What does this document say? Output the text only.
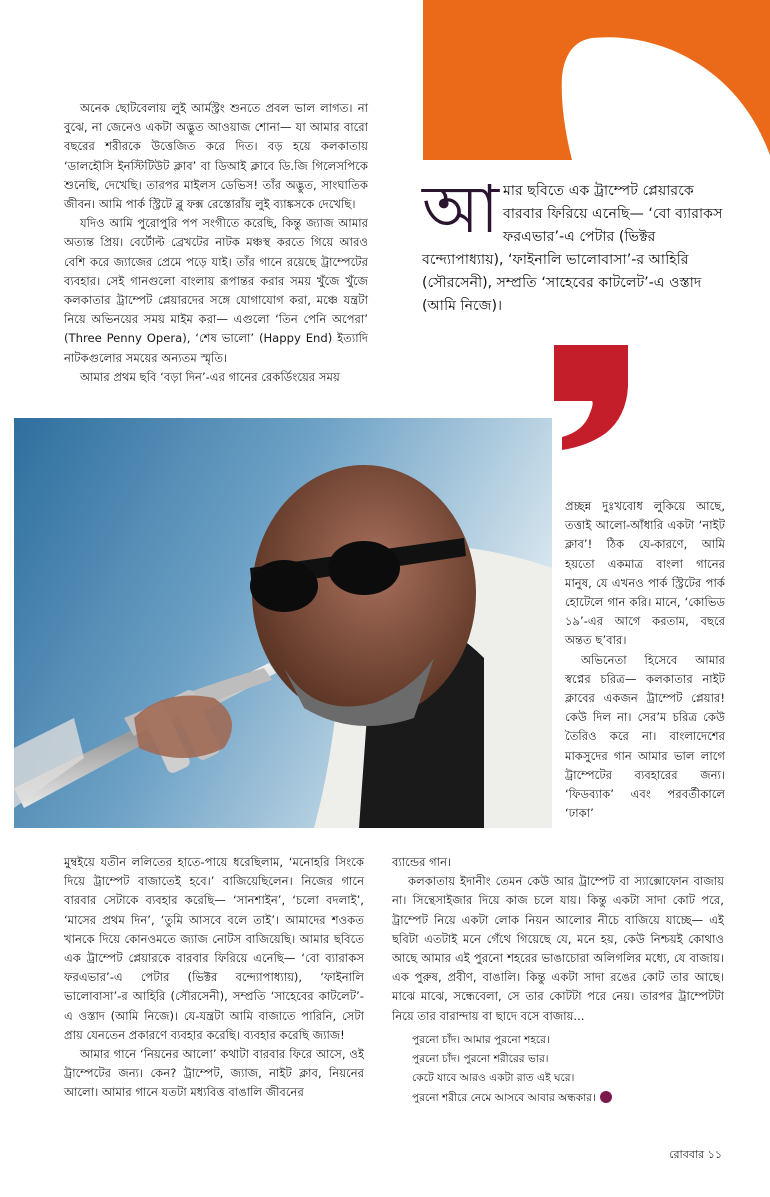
আ মার ছবিতে এক ট্রাম্পেট প্লেয়ারকে বারবার ফিরিয়ে এনেছি— ‘বো ব্যারাকস ফরএভার’-এ পেটার (ভিক্টর বন্দ্যোপাধ্যায়), ‘ফাইনালি ভালোবাসা’-র আহিরি (সৌরসেনী), সম্প্রতি ‘সাহেবের কাটলেট’-এ ওস্তাদ (আমি নিজে)।

অনেক ছোটবেলায় লুই আর্মস্ট্রং শুনতে প্রবল ভাল লাগত। না বুঝে, না জেনেও একটা অদ্ভুত আওয়াজ শোনা— যা আমার বারো বছরের শরীরকে উত্তেজিত করে দিত। বড় হয়ে কলকাতায় ‘ডালহৌসি ইনস্টিটিউট ক্লাব’ বা ডিআই ক্লাবে ডি.জি গিলেসপিকে শুনেছি, দেখেছি। তারপর মাইলস ডেভিস! তাঁর অদ্ভুত, সাংঘাতিক জীবন। আমি পার্ক স্ট্রিটে ব্লু ফক্স রেস্তোরাঁয় লুই ব্যাঙ্কসকে দেখেছি।

যদিও আমি পুরোপুরি পপ সংগীতে করেছি, কিন্তু জ্যাজ আমার অত্যন্ত প্রিয়। বের্টোল্ট ব্রেখটের নাটক মঞ্চস্থ করতে গিয়ে আরও বেশি করে জ্যাজের প্রেমে পড়ে যাই। তাঁর গানে রয়েছে ট্রাম্পেটের ব্যবহার। সেই গানগুলো বাংলায় রূপান্তর করার সময় খুঁজে খুঁজে কলকাতার ট্রাম্পেট প্লেয়ারদের সঙ্গে যোগাযোগ করা, মঞ্চে যন্ত্রটা নিয়ে অভিনয়ের সময় মাইম করা— এগুলো ‘তিন পেনি অপেরা’ (Three Penny Opera), ‘শেষ ভালো’ (Happy End) ইত্যাদি নাটকগুলোর সময়ের অন্যতম স্মৃতি।

আমার প্রথম ছবি ‘বড়া দিন’-এর গানের রেকর্ডিংয়ের সময়

প্রচ্ছন্ন দুঃখবোধ লুকিয়ে আছে, তত্তাই আলো-আঁধারি একটা ‘নাইট ক্লাব’! ঠিক যে-কারণে, আমি হয়তো একমাত্র বাংলা গানের মানুষ, যে এখনও পার্ক স্ট্রিটের পার্ক হোটেলে গান করি। মানে, ‘কোভিড ১৯’-এর আগে করতাম, বছরে অন্তত ছ’বার।

অভিনেতা হিসেবে আমার স্বপ্নের চরিত্র— কলকাতার নাইট ক্লাবের একজন ট্রাম্পেট প্লেয়ার! কেউ দিল না। সের’ম চরিত্র কেউ তৈরিও করে না। বাংলাদেশের মাকসুদের গান আমার ভাল লাগে ট্রাম্পেটের ব্যবহারের জন্য। ‘ফিডব্যাক’ এবং পরবর্তীকালে ‘ঢাকা’

মুম্বইয়ে যতীন ললিতের হাতে-পায়ে ধরেছিলাম, ‘মনোহরি সিংকে দিয়ে ট্রাম্পেট বাজাতেই হবে।’ বাজিয়েছিলেন। নিজের গানে বারবার সেটাকে ব্যবহার করেছি— ‘সানশাইন’, ‘চলো বদলাই’, ‘মাসের প্রথম দিন’, ‘তুমি আসবে বলে তাই’। আমাদের শওকত খানকে দিয়ে কোনওমতে জ্যাজ নোটস বাজিয়েছি। আমার ছবিতে এক ট্রাম্পেট প্লেয়ারকে বারবার ফিরিয়ে এনেছি— ‘বো ব্যারাকস ফরএভার’-এ পেটার (ভিক্টর বন্দ্যোপাধ্যায়), ‘ফাইনালি ভালোবাসা’-র আহিরি (সৌরসেনী), সম্প্রতি ‘সাহেবের কাটলেট’-এ ওস্তাদ (আমি নিজে)। যে-যন্ত্রটা আমি বাজাতে পারিনি, সেটা প্রায় যেনতেন প্রকারণে ব্যবহার করেছি। ব্যবহার করেছি জ্যাজ!

আমার গানে ‘নিয়নের আলো’ কথাটা বারবার ফিরে আসে, ওই ট্রাম্পেটের জন্য। কেন? ট্রাম্পেট, জ্যাজ, নাইট ক্লাব, নিয়নের আলো। আমার গানে যতটা মধ্যবিত্ত বাঙালি জীবনের

ব্যান্ডের গান।

কলকাতায় ইদানীং তেমন কেউ আর ট্রাম্পেট বা স্যাক্সোফোন বাজায় না। সিন্থেসাইজার দিয়ে কাজ চলে যায়। কিন্তু একটা সাদা কোট পরে, ট্রাম্পেট নিয়ে একটা লোক নিয়ন আলোর নীচে বাজিয়ে যাচ্ছে— এই ছবিটা এতটাই মনে গেঁথে গিয়েছে যে, মনে হয়, কেউ নিশ্চয়ই কোথাও আছে আমার এই পুরনো শহরের ভাঙাচোরা অলিগলির মধ্যে, যে বাজায়। এক পুরুষ, প্রবীণ, বাঙালি। কিন্তু একটা সাদা রঙের কোট তার আছে। মাঝে মাঝে, সন্ধেবেলা, সে তার কোটটা পরে নেয়। তারপর ট্রাম্পেটটা নিয়ে তার বারান্দায় বা ছাদে বসে বাজায়...

পুরনো চাঁদ। আমার পুরনো শহরে।
পুরনো চাঁদ। পুরনো শরীরের ভার।
কেটে যাবে আরও একটা রাত এই ঘরে।
পুরনো শরীরে নেমে আসবে আবার অন্ধকার।
রোববার ১১
